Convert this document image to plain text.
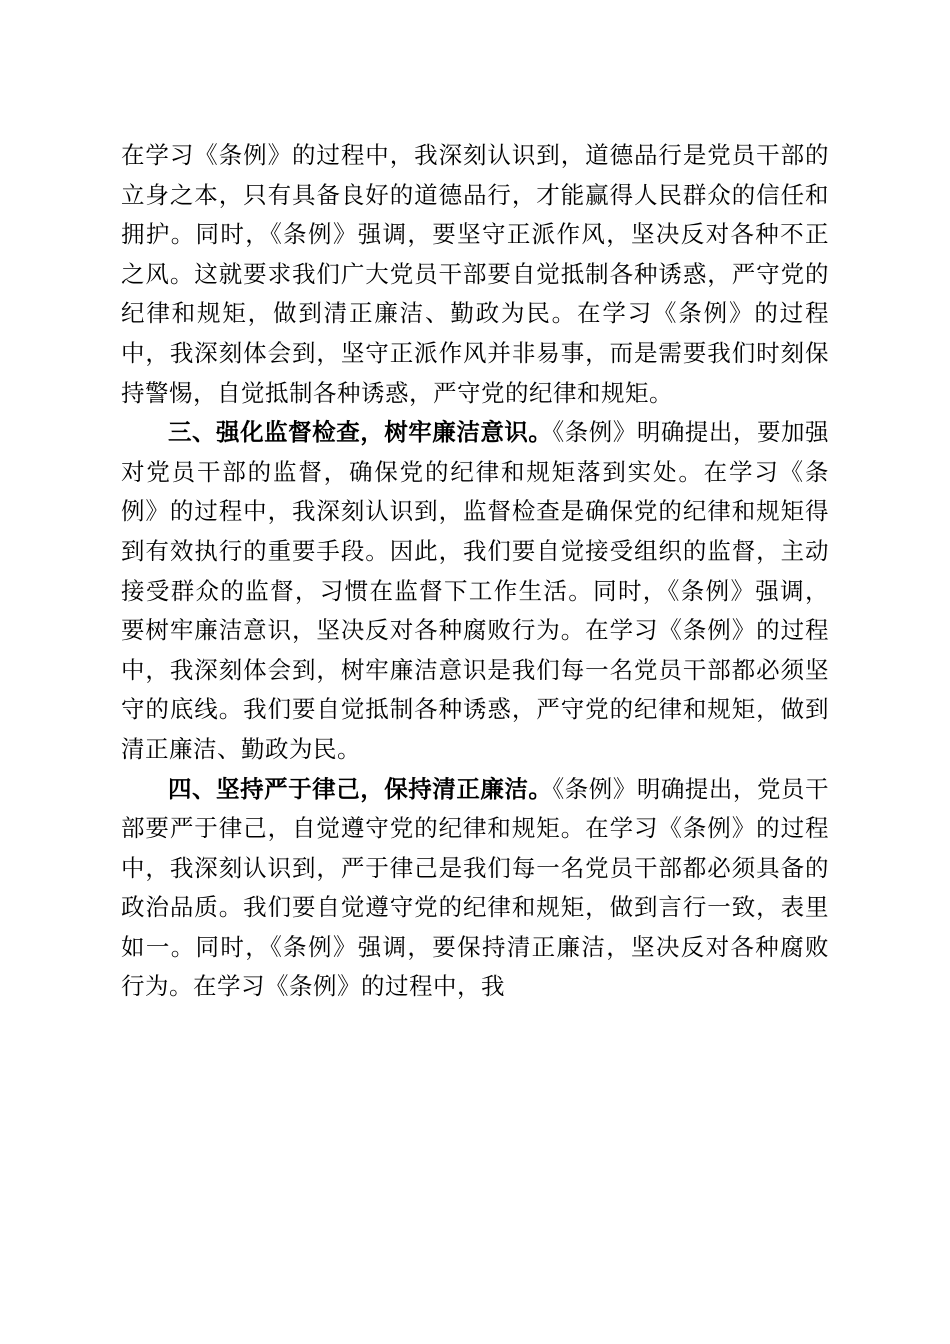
在学习《条例》的过程中，我深刻认识到，道德品行是党员干部的立身之本，只有具备良好的道德品行，才能赢得人民群众的信任和拥护。同时，《条例》强调，要坚守正派作风，坚决反对各种不正之风。这就要求我们广大党员干部要自觉抵制各种诱惑，严守党的纪律和规矩，做到清正廉洁、勤政为民。在学习《条例》的过程中，我深刻体会到，坚守正派作风并非易事，而是需要我们时刻保持警惕，自觉抵制各种诱惑，严守党的纪律和规矩。

三、强化监督检查，树牢廉洁意识。《条例》明确提出，要加强对党员干部的监督，确保党的纪律和规矩落到实处。在学习《条例》的过程中，我深刻认识到，监督检查是确保党的纪律和规矩得到有效执行的重要手段。因此，我们要自觉接受组织的监督，主动接受群众的监督，习惯在监督下工作生活。同时，《条例》强调，要树牢廉洁意识，坚决反对各种腐败行为。在学习《条例》的过程中，我深刻体会到，树牢廉洁意识是我们每一名党员干部都必须坚守的底线。我们要自觉抵制各种诱惑，严守党的纪律和规矩，做到清正廉洁、勤政为民。

四、坚持严于律己，保持清正廉洁。《条例》明确提出，党员干部要严于律己，自觉遵守党的纪律和规矩。在学习《条例》的过程中，我深刻认识到，严于律己是我们每一名党员干部都必须具备的政治品质。我们要自觉遵守党的纪律和规矩，做到言行一致，表里如一。同时，《条例》强调，要保持清正廉洁，坚决反对各种腐败行为。在学习《条例》的过程中，我
